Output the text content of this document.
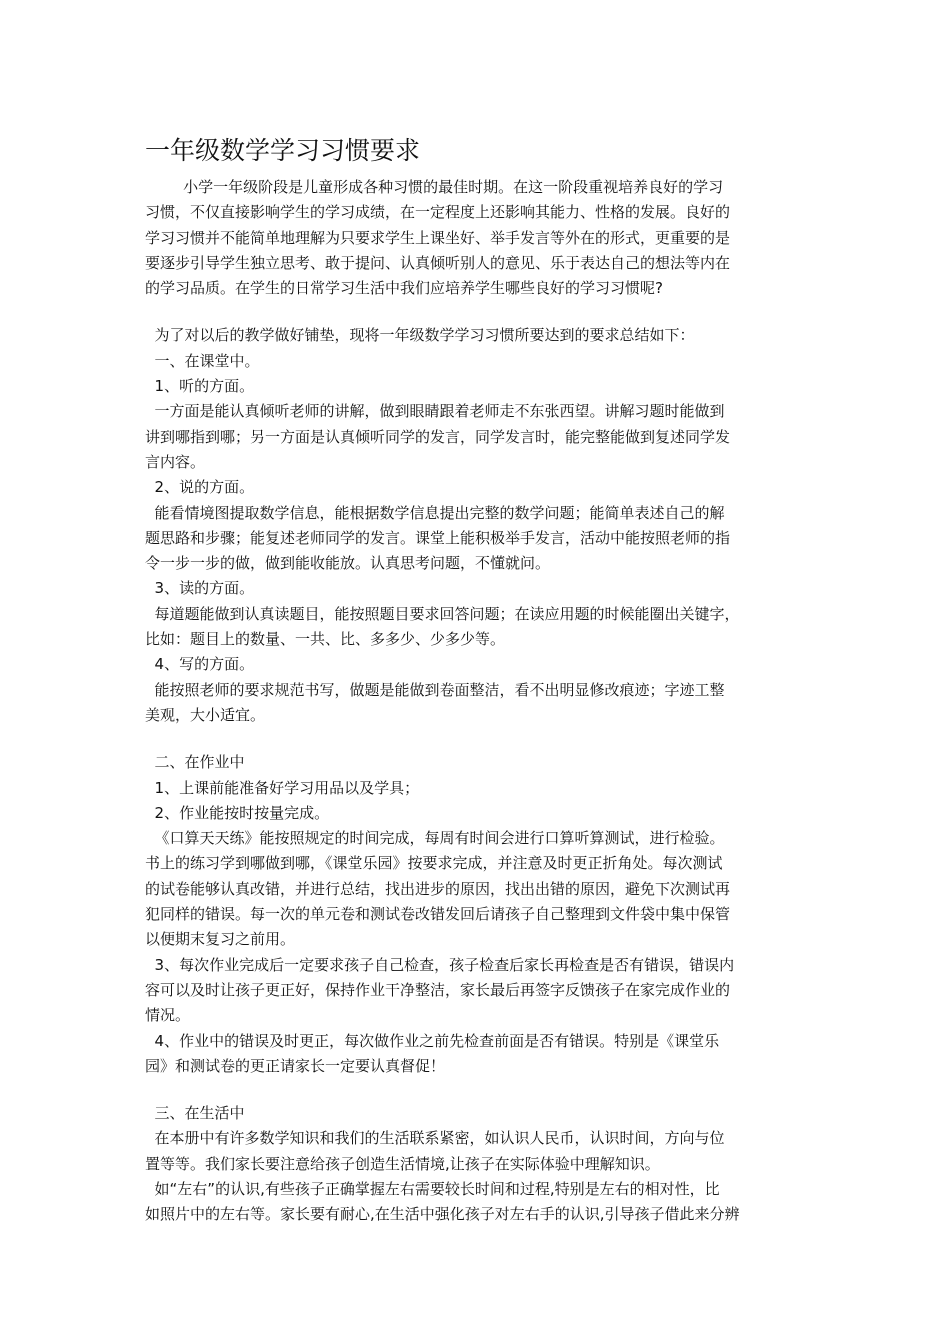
一年级数学学习习惯要求
小学一年级阶段是儿童形成各种习惯的最佳时期。在这一阶段重视培养良好的学习
习惯，不仅直接影响学生的学习成绩，在一定程度上还影响其能力、性格的发展。良好的
学习习惯并不能简单地理解为只要求学生上课坐好、举手发言等外在的形式，更重要的是
要逐步引导学生独立思考、敢于提问、认真倾听别人的意见、乐于表达自己的想法等内在
的学习品质。在学生的日常学习生活中我们应培养学生哪些良好的学习习惯呢?
为了对以后的教学做好铺垫，现将一年级数学学习习惯所要达到的要求总结如下：
一、在课堂中。
1、听的方面。
一方面是能认真倾听老师的讲解，做到眼睛跟着老师走不东张西望。讲解习题时能做到
讲到哪指到哪；另一方面是认真倾听同学的发言，同学发言时，能完整能做到复述同学发
言内容。
2、说的方面。
能看情境图提取数学信息，能根据数学信息提出完整的数学问题；能简单表述自己的解
题思路和步骤；能复述老师同学的发言。课堂上能积极举手发言，活动中能按照老师的指
令一步一步的做，做到能收能放。认真思考问题，不懂就问。
3、读的方面。
每道题能做到认真读题目，能按照题目要求回答问题；在读应用题的时候能圈出关键字，
比如：题目上的数量、一共、比、多多少、少多少等。
4、写的方面。
能按照老师的要求规范书写，做题是能做到卷面整洁，看不出明显修改痕迹；字迹工整
美观，大小适宜。
二、在作业中
1、上课前能准备好学习用品以及学具；
2、作业能按时按量完成。
《口算天天练》能按照规定的时间完成，每周有时间会进行口算听算测试，进行检验。
书上的练习学到哪做到哪，《课堂乐园》按要求完成，并注意及时更正折角处。每次测试
的试卷能够认真改错，并进行总结，找出进步的原因，找出出错的原因，避免下次测试再
犯同样的错误。每一次的单元卷和测试卷改错发回后请孩子自己整理到文件袋中集中保管
以便期末复习之前用。
3、每次作业完成后一定要求孩子自己检查，孩子检查后家长再检查是否有错误，错误内
容可以及时让孩子更正好，保持作业干净整洁，家长最后再签字反馈孩子在家完成作业的
情况。
4、作业中的错误及时更正，每次做作业之前先检查前面是否有错误。特别是《课堂乐
园》和测试卷的更正请家长一定要认真督促！
三、在生活中
在本册中有许多数学知识和我们的生活联系紧密，如认识人民币，认识时间，方向与位
置等等。我们家长要注意给孩子创造生活情境,让孩子在实际体验中理解知识。
如“左右”的认识,有些孩子正确掌握左右需要较长时间和过程,特别是左右的相对性，比
如照片中的左右等。家长要有耐心,在生活中强化孩子对左右手的认识,引导孩子借此来分辨
